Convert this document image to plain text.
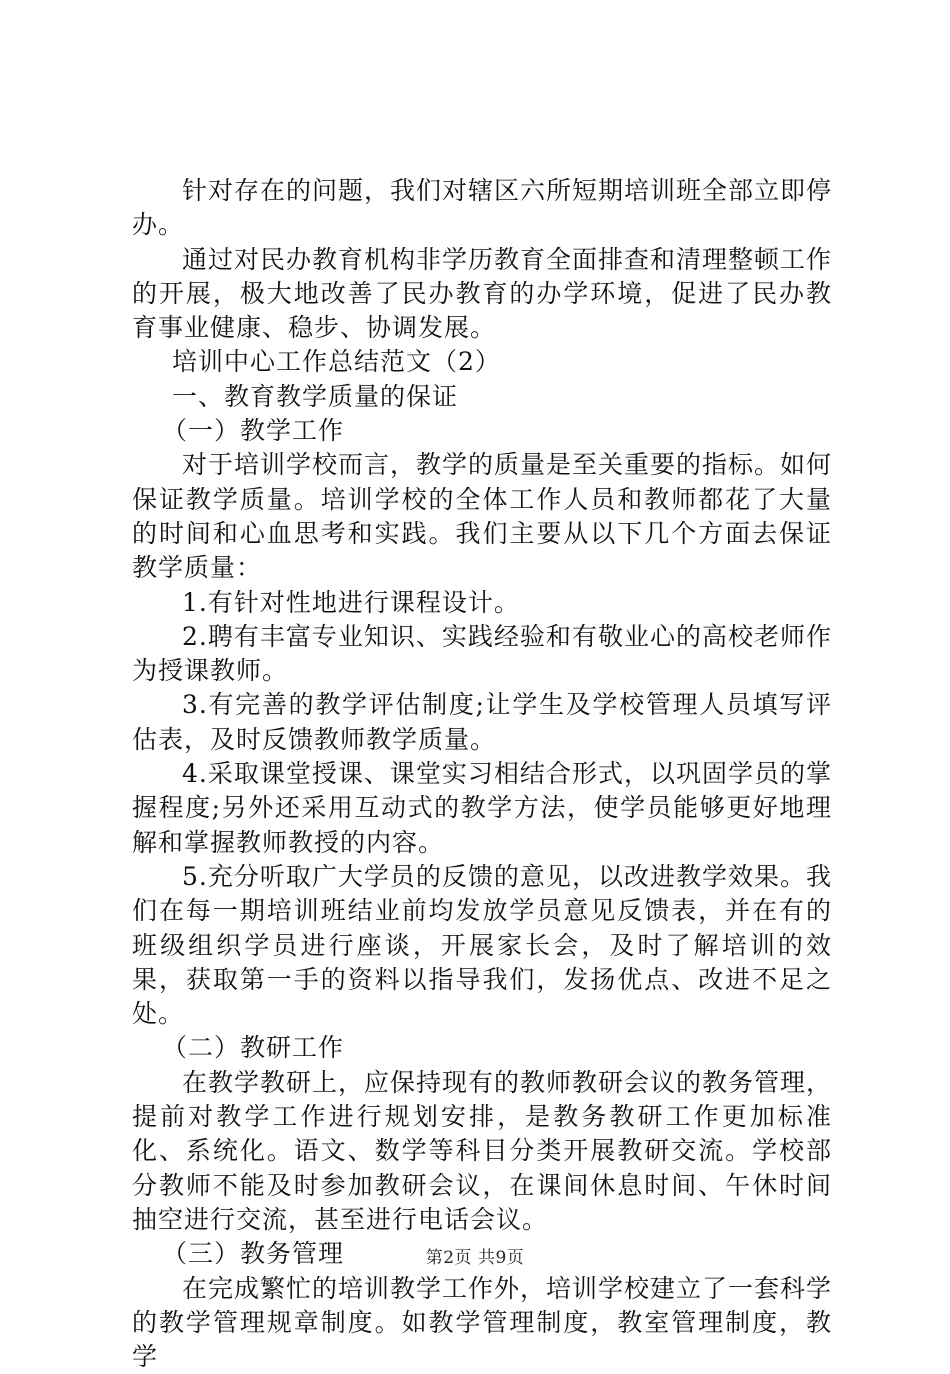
针对存在的问题，我们对辖区六所短期培训班全部立即停办。

通过对民办教育机构非学历教育全面排查和清理整顿工作的开展，极大地改善了民办教育的办学环境，促进了民办教育事业健康、稳步、协调发展。

培训中心工作总结范文（2）

一、教育教学质量的保证

（一）教学工作

对于培训学校而言，教学的质量是至关重要的指标。如何保证教学质量。培训学校的全体工作人员和教师都花了大量的时间和心血思考和实践。我们主要从以下几个方面去保证教学质量：

1.有针对性地进行课程设计。

2.聘有丰富专业知识、实践经验和有敬业心的高校老师作为授课教师。

3.有完善的教学评估制度;让学生及学校管理人员填写评估表，及时反馈教师教学质量。

4.采取课堂授课、课堂实习相结合形式，以巩固学员的掌握程度;另外还采用互动式的教学方法，使学员能够更好地理解和掌握教师教授的内容。

5.充分听取广大学员的反馈的意见，以改进教学效果。我们在每一期培训班结业前均发放学员意见反馈表，并在有的班级组织学员进行座谈，开展家长会，及时了解培训的效果，获取第一手的资料以指导我们，发扬优点、改进不足之处。

（二）教研工作

在教学教研上，应保持现有的教师教研会议的教务管理，提前对教学工作进行规划安排，是教务教研工作更加标准化、系统化。语文、数学等科目分类开展教研交流。学校部分教师不能及时参加教研会议，在课间休息时间、午休时间抽空进行交流，甚至进行电话会议。

（三）教务管理

在完成繁忙的培训教学工作外，培训学校建立了一套科学的教学管理规章制度。如教学管理制度，教室管理制度，教学

第2页 共9页
